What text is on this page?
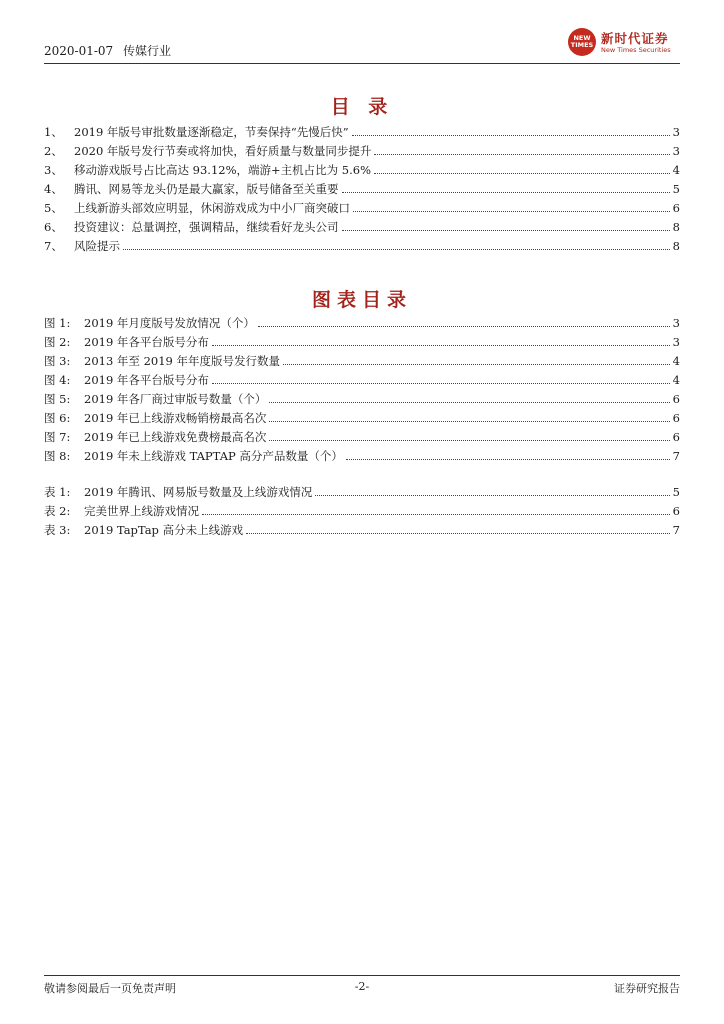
2020-01-07 传媒行业
NEW TIMES 新时代证券
New Times Securities
目 录
1、 2019 年版号审批数量逐渐稳定，节奏保持“先慢后快”	3
2、 2020 年版号发行节奏或将加快，看好质量与数量同步提升	3
3、 移动游戏版号占比高达 93.12%，端游+主机占比为 5.6%	4
4、 腾讯、网易等龙头仍是最大赢家，版号储备至关重要	5
5、 上线新游头部效应明显，休闲游戏成为中小厂商突破口	6
6、 投资建议：总量调控，强调精品，继续看好龙头公司	8
7、 风险提示	8
图表目录
图 1:	2019 年月度版号发放情况（个）	3
图 2:	2019 年各平台版号分布	3
图 3:	2013 年至 2019 年年度版号发行数量	4
图 4:	2019 年各平台版号分布	4
图 5:	2019 年各厂商过审版号数量（个）	6
图 6:	2019 年已上线游戏畅销榜最高名次	6
图 7:	2019 年已上线游戏免费榜最高名次	6
图 8:	2019 年未上线游戏 TAPTAP 高分产品数量（个）	7
表 1:	2019 年腾讯、网易版号数量及上线游戏情况	5
表 2:	完美世界上线游戏情况	6
表 3:	2019 TapTap 高分未上线游戏	7
敬请参阅最后一页免责声明	-2-	证券研究报告
